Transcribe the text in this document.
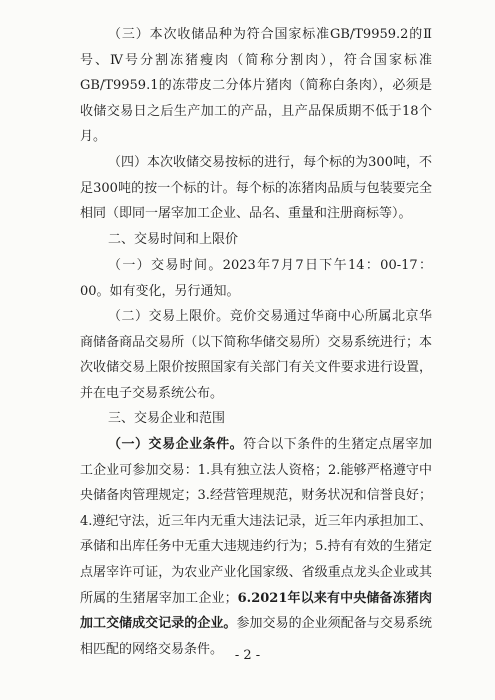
（三）本次收储品种为符合国家标准GB/T9959.2的Ⅱ号、Ⅳ号分割冻猪瘦肉（简称分割肉），符合国家标准GB/T9959.1的冻带皮二分体片猪肉（简称白条肉），必须是收储交易日之后生产加工的产品，且产品保质期不低于18个月。

（四）本次收储交易按标的进行，每个标的为300吨，不足300吨的按一个标的计。每个标的冻猪肉品质与包装要完全相同（即同一屠宰加工企业、品名、重量和注册商标等）。

二、交易时间和上限价

（一）交易时间。2023年7月7日下午14：00-17：00。如有变化，另行通知。

（二）交易上限价。竞价交易通过华商中心所属北京华商储备商品交易所（以下简称华储交易所）交易系统进行；本次收储交易上限价按照国家有关部门有关文件要求进行设置，并在电子交易系统公布。

三、交易企业和范围

（一）交易企业条件。符合以下条件的生猪定点屠宰加工企业可参加交易：1.具有独立法人资格；2.能够严格遵守中央储备肉管理规定；3.经营管理规范，财务状况和信誉良好；4.遵纪守法，近三年内无重大违法记录，近三年内承担加工、承储和出库任务中无重大违规违约行为；5.持有有效的生猪定点屠宰许可证，为农业产业化国家级、省级重点龙头企业或其所属的生猪屠宰加工企业；6.2021年以来有中央储备冻猪肉加工交储成交记录的企业。参加交易的企业须配备与交易系统相匹配的网络交易条件。 - 2 -
